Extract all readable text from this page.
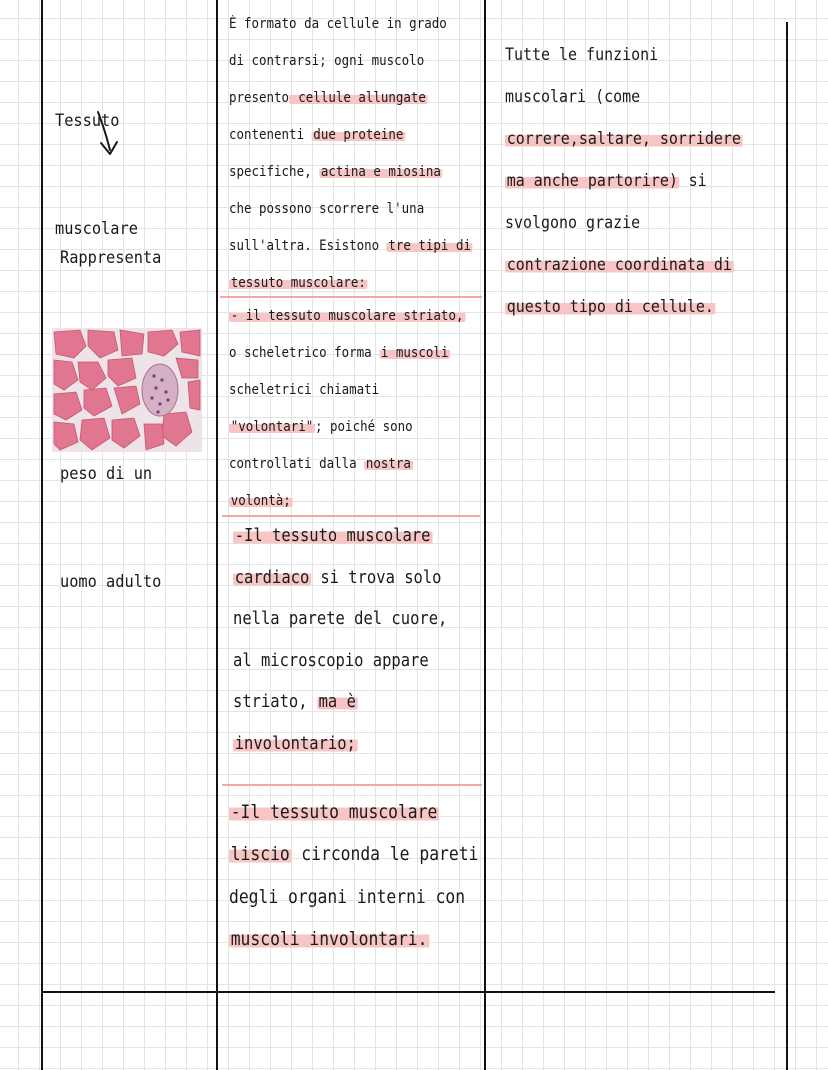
Tessuto

muscolare

Rappresenta

peso di un

uomo adulto

È formato da cellule in grado
di contrarsi; ogni muscolo
presento cellule allungate
contenenti due proteine
specifiche, actina e miosina
che possono scorrere l'una
sull'altra. Esistono tre tipi di
tessuto muscolare:
- il tessuto muscolare striato,
o scheletrico forma i muscoli
scheletrici chiamati
"volontari" ; poiché sono
controllati dalla nostra
volontà;
-Il tessuto muscolare
cardiaco si trova solo
nella parete del cuore,
al microscopio appare
striato, ma è
involontario;
-Il tessuto muscolare
liscio circonda le pareti
degli organi interni con
muscoli involontari.
Tutte le funzioni
muscolari (come
correre,saltare, sorridere
ma anche partorire) si
svolgono grazie
contrazione coordinata di
questo tipo di cellule.
